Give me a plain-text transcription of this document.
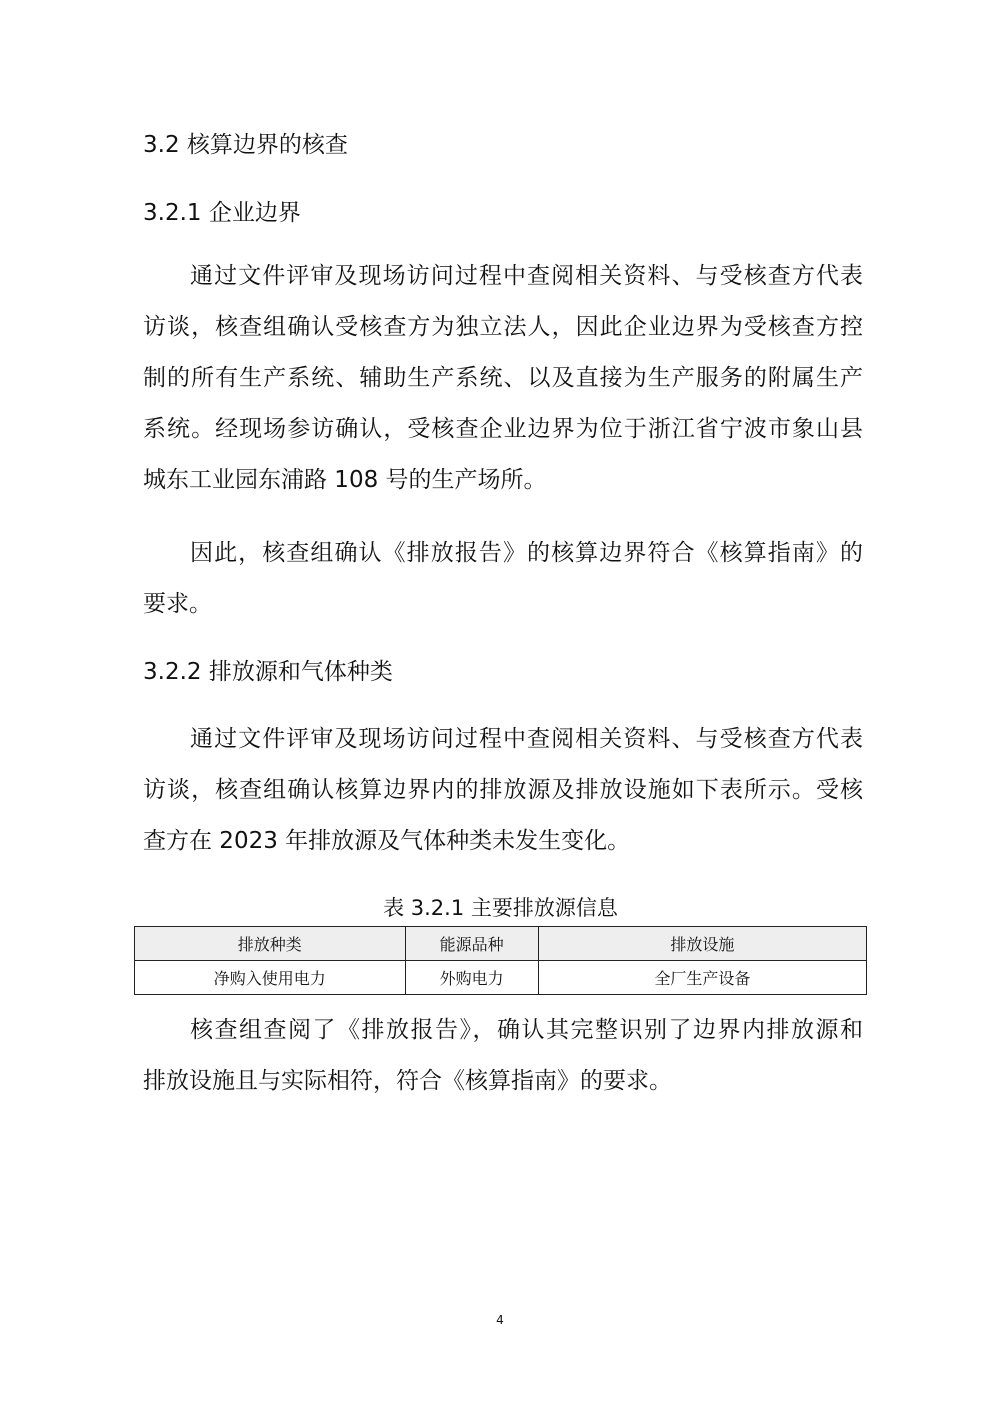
3.2 核算边界的核查
3.2.1 企业边界
通过文件评审及现场访问过程中查阅相关资料、与受核查方代表
访谈，核查组确认受核查方为独立法人，因此企业边界为受核查方控
制的所有生产系统、辅助生产系统、以及直接为生产服务的附属生产
系统。经现场参访确认，受核查企业边界为位于浙江省宁波市象山县
城东工业园东浦路 108 号的生产场所。
因此，核查组确认《排放报告》的核算边界符合《核算指南》的
要求。
3.2.2 排放源和气体种类
通过文件评审及现场访问过程中查阅相关资料、与受核查方代表
访谈，核查组确认核算边界内的排放源及排放设施如下表所示。受核
查方在 2023 年排放源及气体种类未发生变化。
表 3.2.1 主要排放源信息
排放种类	能源品种	排放设施
净购入使用电力	外购电力	全厂生产设备
核查组查阅了《排放报告》，确认其完整识别了边界内排放源和
排放设施且与实际相符，符合《核算指南》的要求。
4
